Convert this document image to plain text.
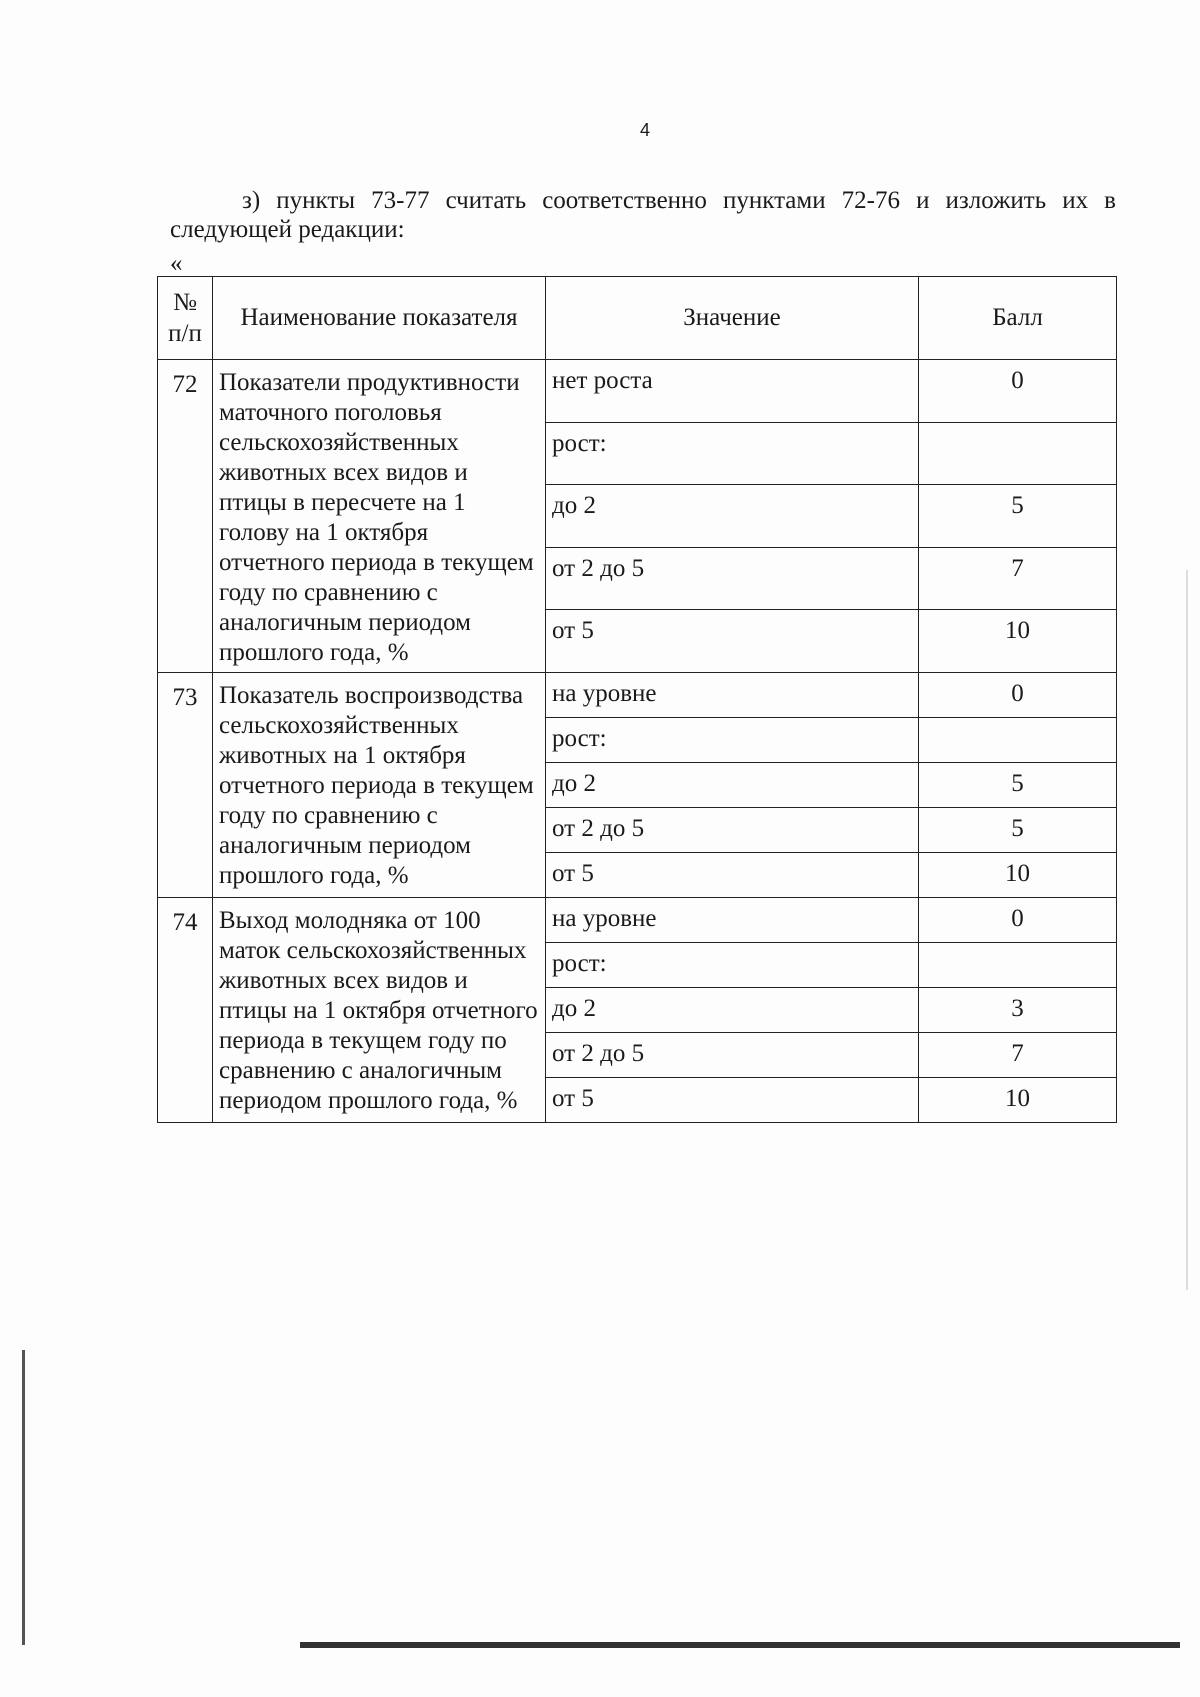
4
з) пункты 73-77 считать соответственно пунктами 72-76 и изложить их в следующей редакции:
«
№ п/п	Наименование показателя	Значение	Балл
72	Показатели продуктивности маточного поголовья сельскохозяйственных животных всех видов и птицы в пересчете на 1 голову на 1 октября отчетного периода в текущем году по сравнению с аналогичным периодом прошлого года, %	нет роста	0
		рост:	
		до 2	5
		от 2 до 5	7
		от 5	10
73	Показатель воспроизводства сельскохозяйственных животных на 1 октября отчетного периода в текущем году по сравнению с аналогичным периодом прошлого года, %	на уровне	0
		рост:	
		до 2	5
		от 2 до 5	5
		от 5	10
74	Выход молодняка от 100 маток сельскохозяйственных животных всех видов и птицы на 1 октября отчетного периода в текущем году по сравнению с аналогичным периодом прошлого года, %	на уровне	0
		рост:	
		до 2	3
		от 2 до 5	7
		от 5	10
